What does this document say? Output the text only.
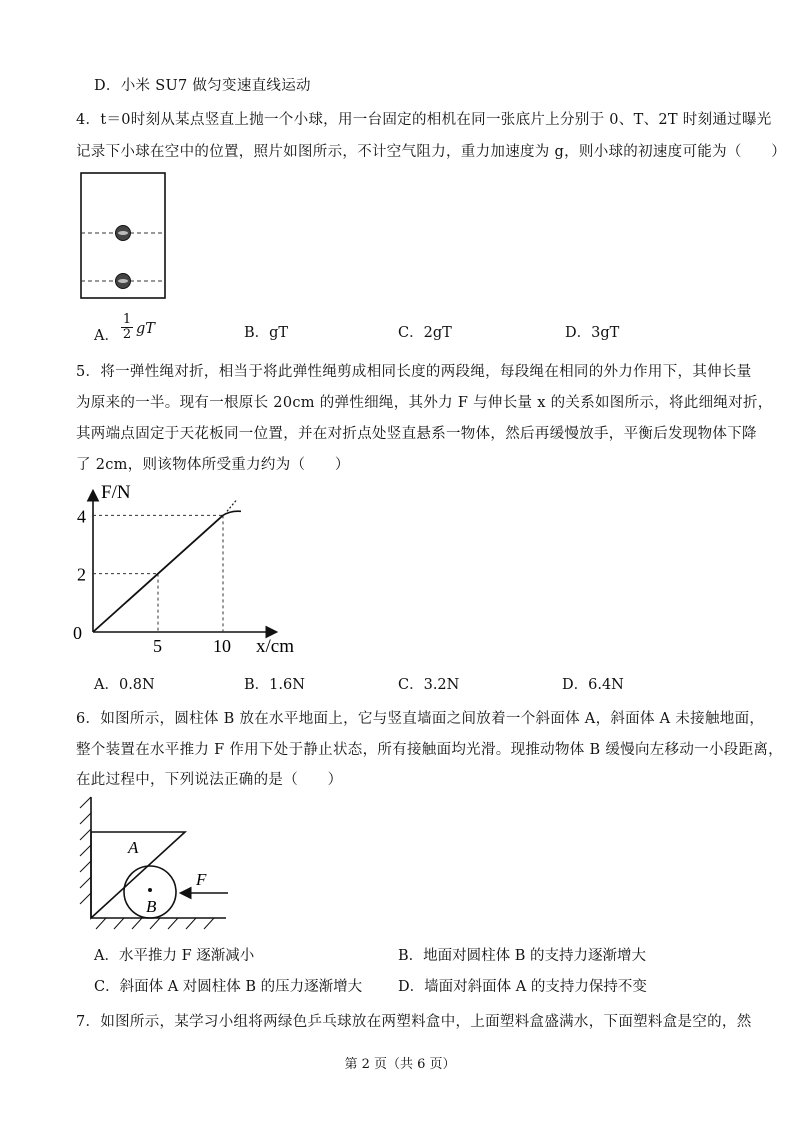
D．小米 SU7 做匀变速直线运动
4．t＝0时刻从某点竖直上抛一个小球，用一台固定的相机在同一张底片上分别于 0、T、2T 时刻通过曝光
记录下小球在空中的位置，照片如图所示，不计空气阻力，重力加速度为 g，则小球的初速度可能为（　　）
A． $\frac{1}{2}$ gT	B．gT	C．2gT	D．3gT
5．将一弹性绳对折，相当于将此弹性绳剪成相同长度的两段绳，每段绳在相同的外力作用下，其伸长量
为原来的一半。现有一根原长 20cm 的弹性细绳，其外力 F 与伸长量 x 的关系如图所示，将此细绳对折，
其两端点固定于天花板同一位置，并在对折点处竖直悬系一物体，然后再缓慢放手，平衡后发现物体下降
了 2cm，则该物体所受重力约为（　　）
0
5	10
2
4
F/N
x/cm
A．0.8N	B．1.6N	C．3.2N	D．6.4N
6．如图所示，圆柱体 B 放在水平地面上，它与竖直墙面之间放着一个斜面体 A，斜面体 A 未接触地面，
整个装置在水平推力 F 作用下处于静止状态，所有接触面均光滑。现推动物体 B 缓慢向左移动一小段距离，
在此过程中，下列说法正确的是（　　）
A
B
F
A．水平推力 F 逐渐减小	B．地面对圆柱体 B 的支持力逐渐增大
C．斜面体 A 对圆柱体 B 的压力逐渐增大 D．墙面对斜面体 A 的支持力保持不变
7．如图所示，某学习小组将两绿色乒乓球放在两塑料盒中，上面塑料盒盛满水，下面塑料盒是空的，然
第 2 页（共 6 页）
